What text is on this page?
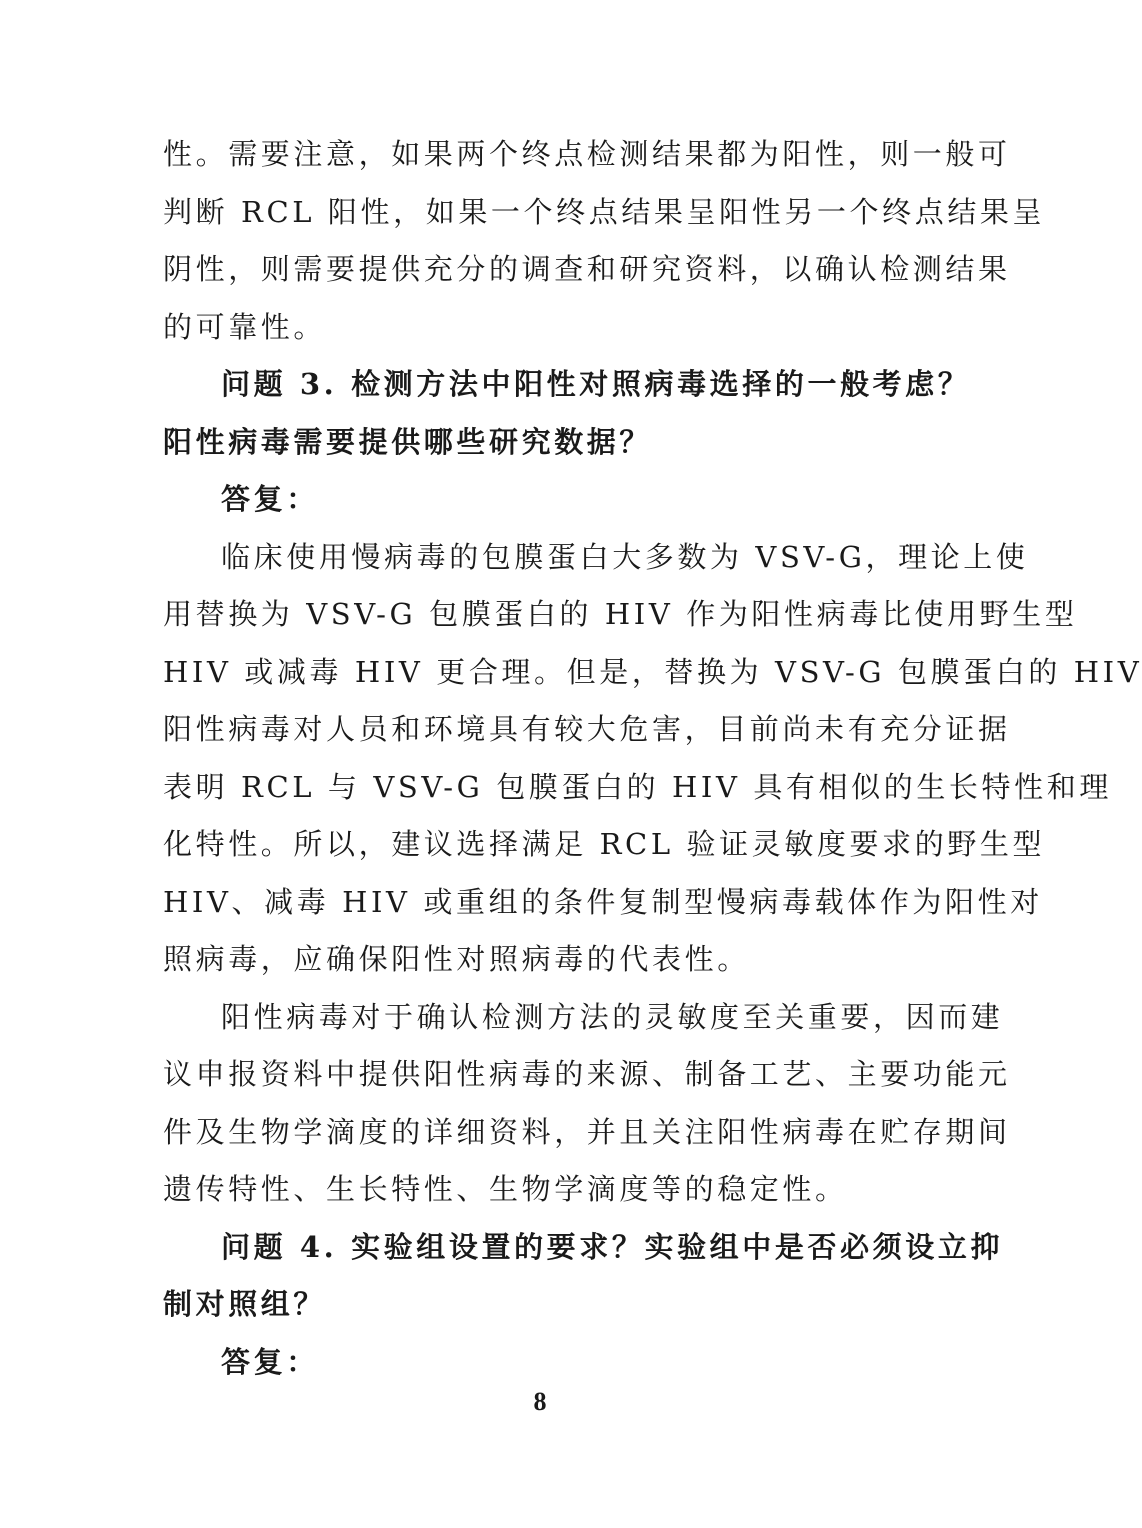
性。需要注意，如果两个终点检测结果都为阳性，则一般可
判断 RCL 阳性，如果一个终点结果呈阳性另一个终点结果呈
阴性，则需要提供充分的调查和研究资料，以确认检测结果
的可靠性。
问题 3. 检测方法中阳性对照病毒选择的一般考虑？
阳性病毒需要提供哪些研究数据？
答复：
临床使用慢病毒的包膜蛋白大多数为 VSV-G，理论上使
用替换为 VSV-G 包膜蛋白的 HIV 作为阳性病毒比使用野生型
HIV 或减毒 HIV 更合理。但是，替换为 VSV-G 包膜蛋白的 HIV
阳性病毒对人员和环境具有较大危害，目前尚未有充分证据
表明 RCL 与 VSV-G 包膜蛋白的 HIV 具有相似的生长特性和理
化特性。所以，建议选择满足 RCL 验证灵敏度要求的野生型
HIV、减毒 HIV 或重组的条件复制型慢病毒载体作为阳性对
照病毒，应确保阳性对照病毒的代表性。
阳性病毒对于确认检测方法的灵敏度至关重要，因而建
议申报资料中提供阳性病毒的来源、制备工艺、主要功能元
件及生物学滴度的详细资料，并且关注阳性病毒在贮存期间
遗传特性、生长特性、生物学滴度等的稳定性。
问题 4. 实验组设置的要求？实验组中是否必须设立抑
制对照组？
答复：
8
